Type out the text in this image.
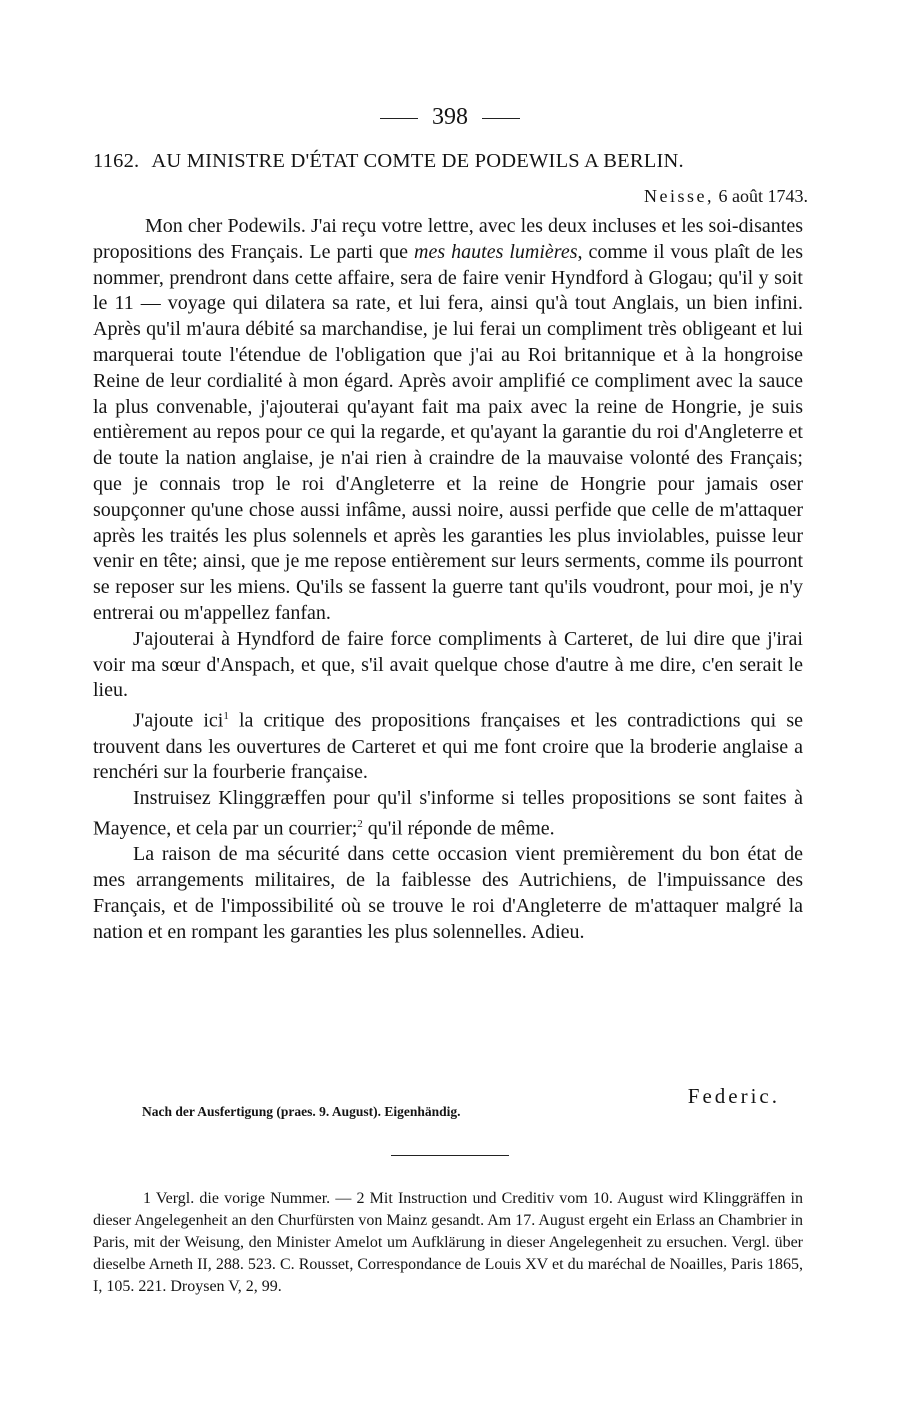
398
1162. AU MINISTRE D'ÉTAT COMTE DE PODEWILS A BERLIN.
Neisse, 6 août 1743.

Mon cher Podewils. J'ai reçu votre lettre, avec les deux incluses et les soi-disantes propositions des Français. Le parti que mes hautes lumières, comme il vous plaît de les nommer, prendront dans cette affaire, sera de faire venir Hyndford à Glogau; qu'il y soit le 11 — voyage qui dilatera sa rate, et lui fera, ainsi qu'à tout Anglais, un bien infini. Après qu'il m'aura débité sa marchandise, je lui ferai un compliment très obligeant et lui marquerai toute l'étendue de l'obligation que j'ai au Roi britannique et à la hongroise Reine de leur cordialité à mon égard. Après avoir amplifié ce compliment avec la sauce la plus convenable, j'ajouterai qu'ayant fait ma paix avec la reine de Hongrie, je suis entièrement au repos pour ce qui la regarde, et qu'ayant la garantie du roi d'Angleterre et de toute la nation anglaise, je n'ai rien à craindre de la mauvaise volonté des Français; que je connais trop le roi d'Angleterre et la reine de Hongrie pour jamais oser soupçonner qu'une chose aussi infâme, aussi noire, aussi perfide que celle de m'attaquer après les traités les plus solennels et après les garanties les plus inviolables, puisse leur venir en tête; ainsi, que je me repose entièrement sur leurs serments, comme ils pourront se reposer sur les miens. Qu'ils se fassent la guerre tant qu'ils voudront, pour moi, je n'y entrerai ou m'appellez fanfan.

J'ajouterai à Hyndford de faire force compliments à Carteret, de lui dire que j'irai voir ma sœur d'Anspach, et que, s'il avait quelque chose d'autre à me dire, c'en serait le lieu.

J'ajoute ici$^1$ la critique des propositions françaises et les contradictions qui se trouvent dans les ouvertures de Carteret et qui me font croire que la broderie anglaise a renchéri sur la fourberie française.

Instruisez Klinggræffen pour qu'il s'informe si telles propositions se sont faites à Mayence, et cela par un courrier;$^2$ qu'il réponde de même.

La raison de ma sécurité dans cette occasion vient premièrement du bon état de mes arrangements militaires, de la faiblesse des Autrichiens, de l'impuissance des Français, et de l'impossibilité où se trouve le roi d'Angleterre de m'attaquer malgré la nation et en rompant les garanties les plus solennelles. Adieu.

Federic.
Nach der Ausfertigung (praes. 9. August). Eigenhändig.

1 Vergl. die vorige Nummer. — 2 Mit Instruction und Creditiv vom 10. August wird Klinggräffen in dieser Angelegenheit an den Churfürsten von Mainz gesandt. Am 17. August ergeht ein Erlass an Chambrier in Paris, mit der Weisung, den Minister Amelot um Aufklärung in dieser Angelegenheit zu ersuchen. Vergl. über dieselbe Arneth II, 288. 523. C. Rousset, Correspondance de Louis XV et du maréchal de Noailles, Paris 1865, I, 105. 221. Droysen V, 2, 99.
